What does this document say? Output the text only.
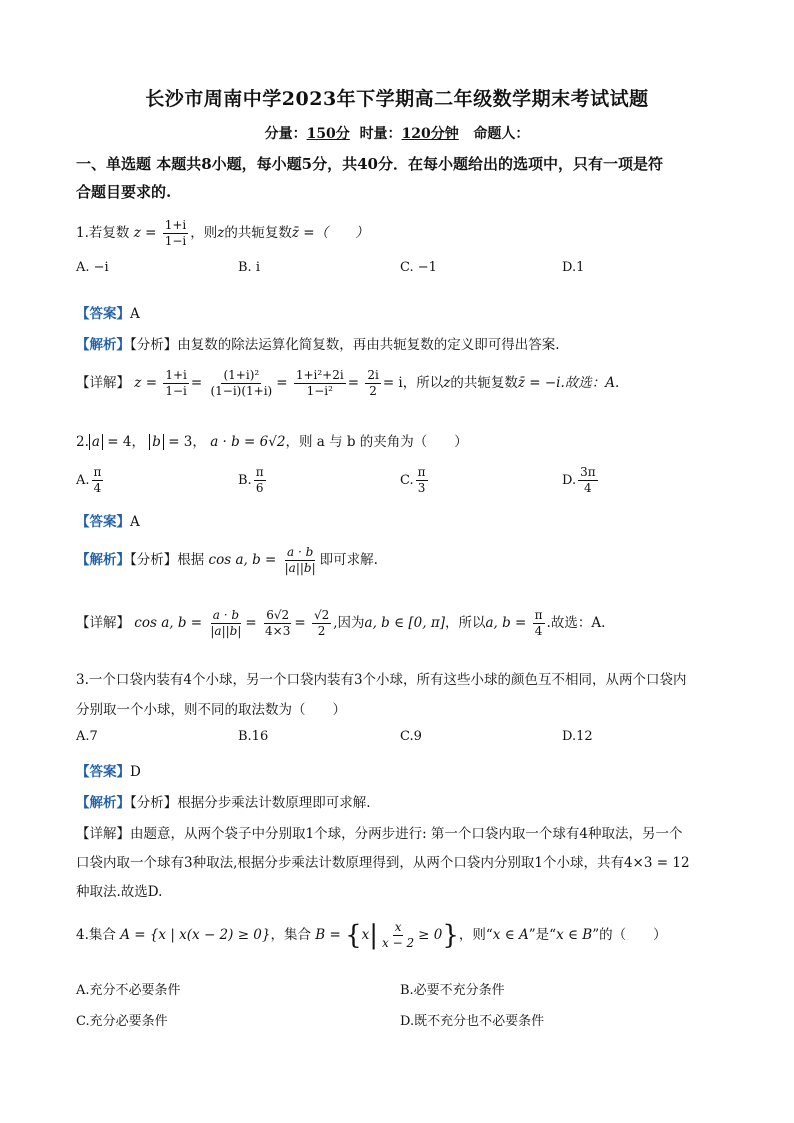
长沙市周南中学2023年下学期高二年级数学期末考试试题
分量：150分 时量：120分钟 命题人：
一、单选题 本题共8小题，每小题5分，共40分．在每小题给出的选项中，只有一项是符
合题目要求的.
1.若复数 $z = \frac{1+i}{1-i}$ ，则z的共轭复数z̄ =（　　）
A. −i	B. i	C. −1	D.1
【答案】A
【解析】【分析】由复数的除法运算化简复数，再由共轭复数的定义即可得出答案.
【详解】 $z = \frac{1+i}{1-i} = \frac{\text{(1+i)²}}{(1-i)(1+i)} = \frac{\text{1+i²+2i}}{\text{1−i²}} = \frac{2i}{2} = i$，所以z的共轭复数z̄ = −i.故选：A.
2. a = 4， b = 3， a · b = 6√2，则 a 与 b 的夹角为（　　）
A. $\frac{\pi}{4}$	B. $\frac{\pi}{6}$	C. $\frac{\pi}{3}$	D. $\frac{3\pi}{4}$
【答案】A
【解析】【分析】根据 cos a, $b = \frac{a \cdot b}{|a||b|}$ 即可求解.
【详解】 cos a, $b = \frac{a \cdot b}{|a||b|} = \frac{6√2}{4\times 3} = \frac{√2}{2}$ ,因为a, b ∈ [0, π]，所以a, $b = \frac{\pi}{4}$ .故选：A.
3.一个口袋内装有4个小球，另一个口袋内装有3个小球，所有这些小球的颜色互不相同，从两个口袋内
分别取一个小球，则不同的取法数为（　　）
A.7	B.16	C.9	D.12
【答案】D
【解析】【分析】根据分步乘法计数原理即可求解.
【详解】由题意，从两个袋子中分别取1个球，分两步进行: 第一个口袋内取一个球有4种取法，另一个
口袋内取一个球有3种取法,根据分步乘法计数原理得到，从两个口袋内分别取1个小球，共有4×3 = 12
种取法.故选D.
4.集合 A = {x | x(x − 2) ≥ 0}，集合 $B = \{x| \frac{x}{x - 2} \ge 0\}$，则“x ∈ A”是“x ∈ B”的（　　）
A.充分不必要条件	B.必要不充分条件
C.充分必要条件	D.既不充分也不必要条件
